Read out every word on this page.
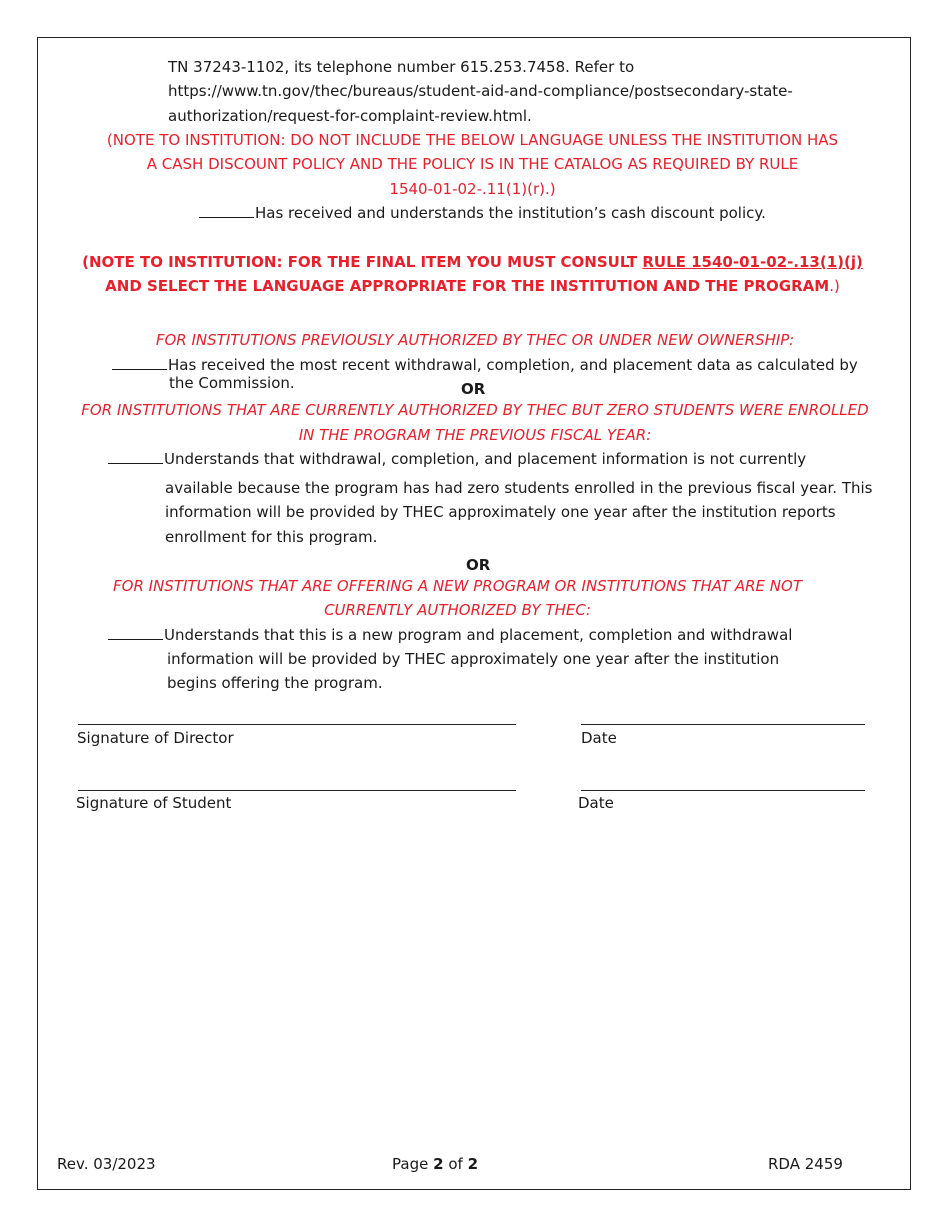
TN 37243-1102, its telephone number 615.253.7458. Refer to
https://www.tn.gov/thec/bureaus/student-aid-and-compliance/postsecondary-state-
authorization/request-for-complaint-review.html.
(NOTE TO INSTITUTION: DO NOT INCLUDE THE BELOW LANGUAGE UNLESS THE INSTITUTION HAS
A CASH DISCOUNT POLICY AND THE POLICY IS IN THE CATALOG AS REQUIRED BY RULE
1540-01-02-.11(1)(r).)
Has received and understands the institution’s cash discount policy.
(NOTE TO INSTITUTION: FOR THE FINAL ITEM YOU MUST CONSULT RULE 1540-01-02-.13(1)(j)
AND SELECT THE LANGUAGE APPROPRIATE FOR THE INSTITUTION AND THE PROGRAM.)
FOR INSTITUTIONS PREVIOUSLY AUTHORIZED BY THEC OR UNDER NEW OWNERSHIP:
Has received the most recent withdrawal, completion, and placement data as calculated by
the Commission.	OR
FOR INSTITUTIONS THAT ARE CURRENTLY AUTHORIZED BY THEC BUT ZERO STUDENTS WERE ENROLLED
IN THE PROGRAM THE PREVIOUS FISCAL YEAR:
Understands that withdrawal, completion, and placement information is not currently
available because the program has had zero students enrolled in the previous fiscal year. This
information will be provided by THEC approximately one year after the institution reports
enrollment for this program.
OR
FOR INSTITUTIONS THAT ARE OFFERING A NEW PROGRAM OR INSTITUTIONS THAT ARE NOT
CURRENTLY AUTHORIZED BY THEC:
Understands that this is a new program and placement, completion and withdrawal
information will be provided by THEC approximately one year after the institution
begins offering the program.
Signature of Director	Date
Signature of Student	Date
Rev. 03/2023	Page 2 of 2	RDA 2459
